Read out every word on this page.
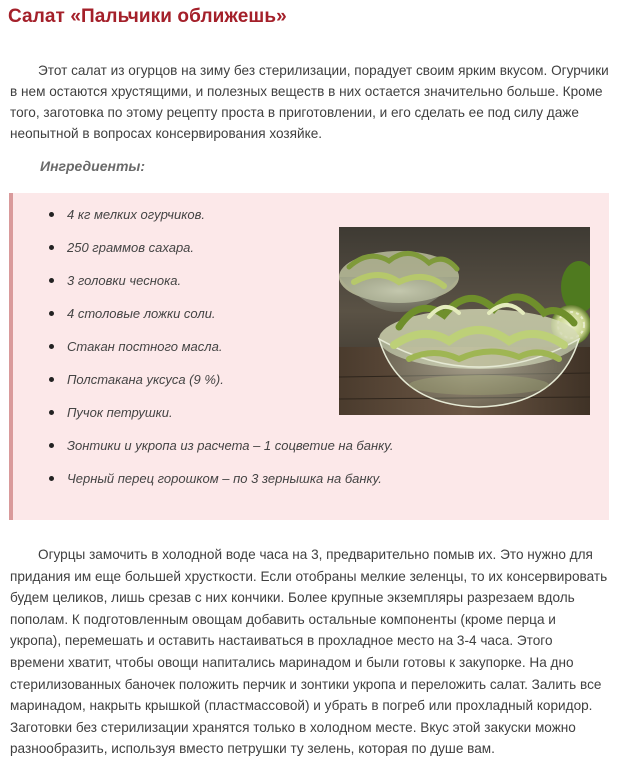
Салат «Пальчики оближешь»

Этот салат из огурцов на зиму без стерилизации, порадует своим ярким вкусом. Огурчики в нем остаются хрустящими, и полезных веществ в них остается значительно больше. Кроме того, заготовка по этому рецепту проста в приготовлении, и его сделать ее под силу даже неопытной в вопросах консервирования хозяйке.

Ингредиенты:

4 кг мелких огурчиков.
250 граммов сахара.
3 головки чеснока.
4 столовые ложки соли.
Стакан постного масла.
Полстакана уксуса (9 %).
Пучок петрушки.
Зонтики и укропа из расчета – 1 соцветие на банку.
Черный перец горошком – по 3 зернышка на банку.

Огурцы замочить в холодной воде часа на 3, предварительно помыв их. Это нужно для придания им еще большей хрусткости. Если отобраны мелкие зеленцы, то их консервировать будем целиков, лишь срезав с них кончики. Более крупные экземпляры разрезаем вдоль пополам. К подготовленным овощам добавить остальные компоненты (кроме перца и укропа), перемешать и оставить настаиваться в прохладное место на 3-4 часа. Этого времени хватит, чтобы овощи напитались маринадом и были готовы к закупорке. На дно стерилизованных баночек положить перчик и зонтики укропа и переложить салат. Залить все маринадом, накрыть крышкой (пластмассовой) и убрать в погреб или прохладный коридор. Заготовки без стерилизации хранятся только в холодном месте. Вкус этой закуски можно разнообразить, используя вместо петрушки ту зелень, которая по душе вам.
